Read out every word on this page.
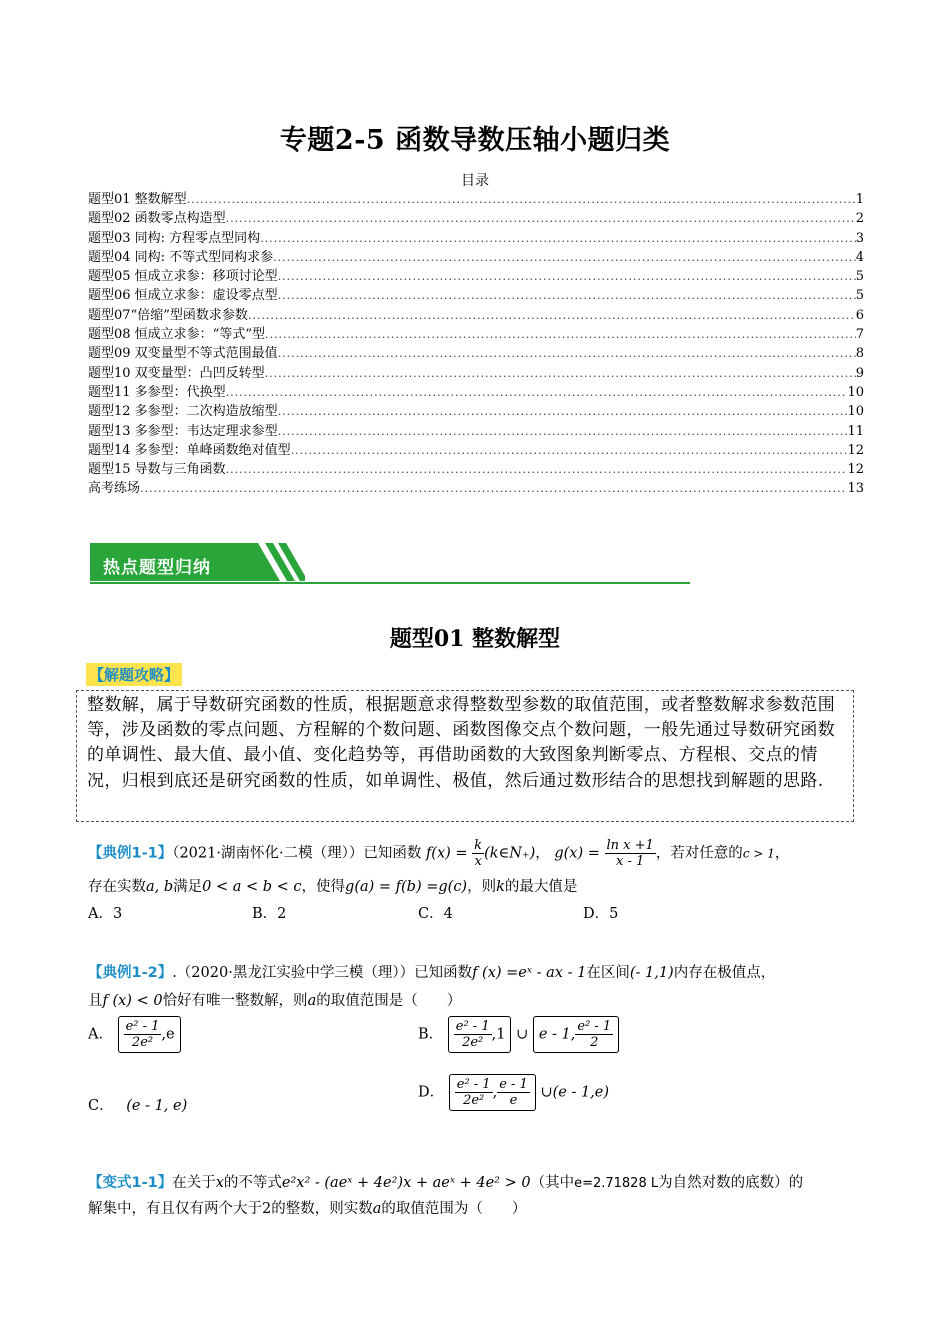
专题2-5 函数导数压轴小题归类
目录
题型01 整数解型 .....	1
题型02 函数零点构造型 .....	2
题型03 同构: 方程零点型同构 .....	3
题型04 同构: 不等式型同构求参 .....	4
题型05 恒成立求参：移项讨论型 .....	5
题型06 恒成立求参：虚设零点型 .....	5
题型07“倍缩”型函数求参数 .....	6
题型08 恒成立求参：“等式”型 .....	7
题型09 双变量型不等式范围最值 .....	8
题型10 双变量型：凸凹反转型 .....	9
题型11 多参型：代换型 .....	10
题型12 多参型：二次构造放缩型 .....	10
题型13 多参型：韦达定理求参型 .....	11
题型14 多参型：单峰函数绝对值型 .....	12
题型15 导数与三角函数 .....	12
高考练场 .....	13
热点题型归纳
题型01 整数解型
【解题攻略】
整数解，属于导数研究函数的性质，根据题意求得整数型参数的取值范围，或者整数解求参数范围等，涉及函数的零点问题、方程解的个数问题、函数图像交点个数问题，一般先通过导数研究函数的单调性、最大值、最小值、变化趋势等，再借助函数的大致图象判断零点、方程根、交点的情况，归根到底还是研究函数的性质，如单调性、极值，然后通过数形结合的思想找到解题的思路.
【典例1-1】（2021·湖南怀化·二模（理））已知函数 $f(x) = \frac{k}{x}$ (k∈N₊)， $g(x) = \frac{\text{ln x +1}}{x - 1}$ ，若对任意的c > 1，
存在实数a, b满足0 < a < b < c，使得g(a) = f(b) =g(c)，则k的最大值是
A．3	B．2	C．4	D．5
【典例1-2】.（2020·黑龙江实验中学三模（理））已知函数f (x) =eˣ - ax - 1在区间(- 1,1)内存在极值点，
且f (x) < 0恰好有唯一整数解，则a的取值范围是（　　）
A． $\frac{\text{e² - 1}}{\text{2e²}} ,e$	B． $\frac{\text{e² - 1}}{\text{2e²}} ,1$ ∪ e - 1, $\frac{\text{e² - 1}}{2}$
C． (e - 1, e)
D． $\frac{\text{e² - 1}}{\text{2e²}}$ , $\frac{e - 1}{e}$ ∪(e - 1,e)
【变式1-1】在关于x的不等式e²x² - (aeˣ + 4e²)x + aeˣ + 4e² > 0（其中e=2.71828 L为自然对数的底数）的
解集中，有且仅有两个大于2的整数，则实数a的取值范围为（　　）
